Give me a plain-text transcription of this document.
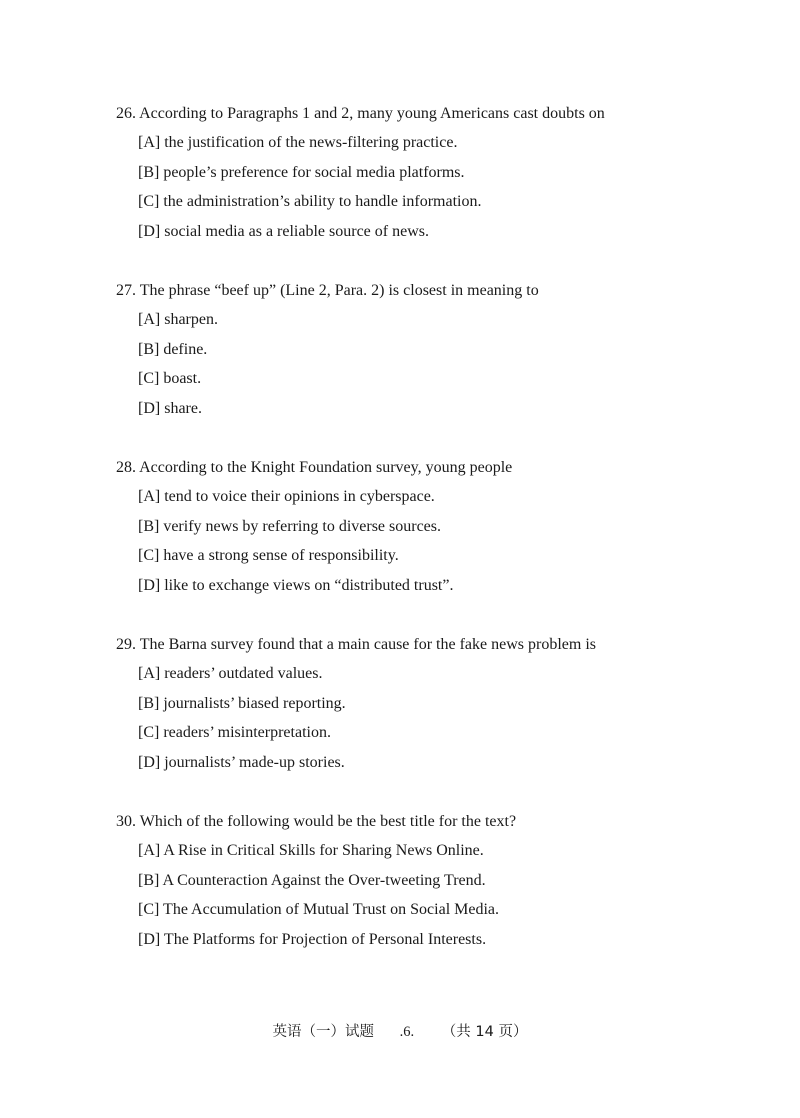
26. According to Paragraphs 1 and 2, many young Americans cast doubts on

[A] the justification of the news-filtering practice.
[B] people’s preference for social media platforms.
[C] the administration’s ability to handle information.
[D] social media as a reliable source of news.

27. The phrase “beef up” (Line 2, Para. 2) is closest in meaning to

[A] sharpen.
[B] define.
[C] boast.
[D] share.

28. According to the Knight Foundation survey, young people

[A] tend to voice their opinions in cyberspace.
[B] verify news by referring to diverse sources.
[C] have a strong sense of responsibility.
[D] like to exchange views on “distributed trust”.

29. The Barna survey found that a main cause for the fake news problem is

[A] readers’ outdated values.
[B] journalists’ biased reporting.
[C] readers’ misinterpretation.
[D] journalists’ made-up stories.

30. Which of the following would be the best title for the text?

[A] A Rise in Critical Skills for Sharing News Online.
[B] A Counteraction Against the Over-tweeting Trend.
[C] The Accumulation of Mutual Trust on Social Media.
[D] The Platforms for Projection of Personal Interests.
英语（一）试题 .6. （共 14 页）
